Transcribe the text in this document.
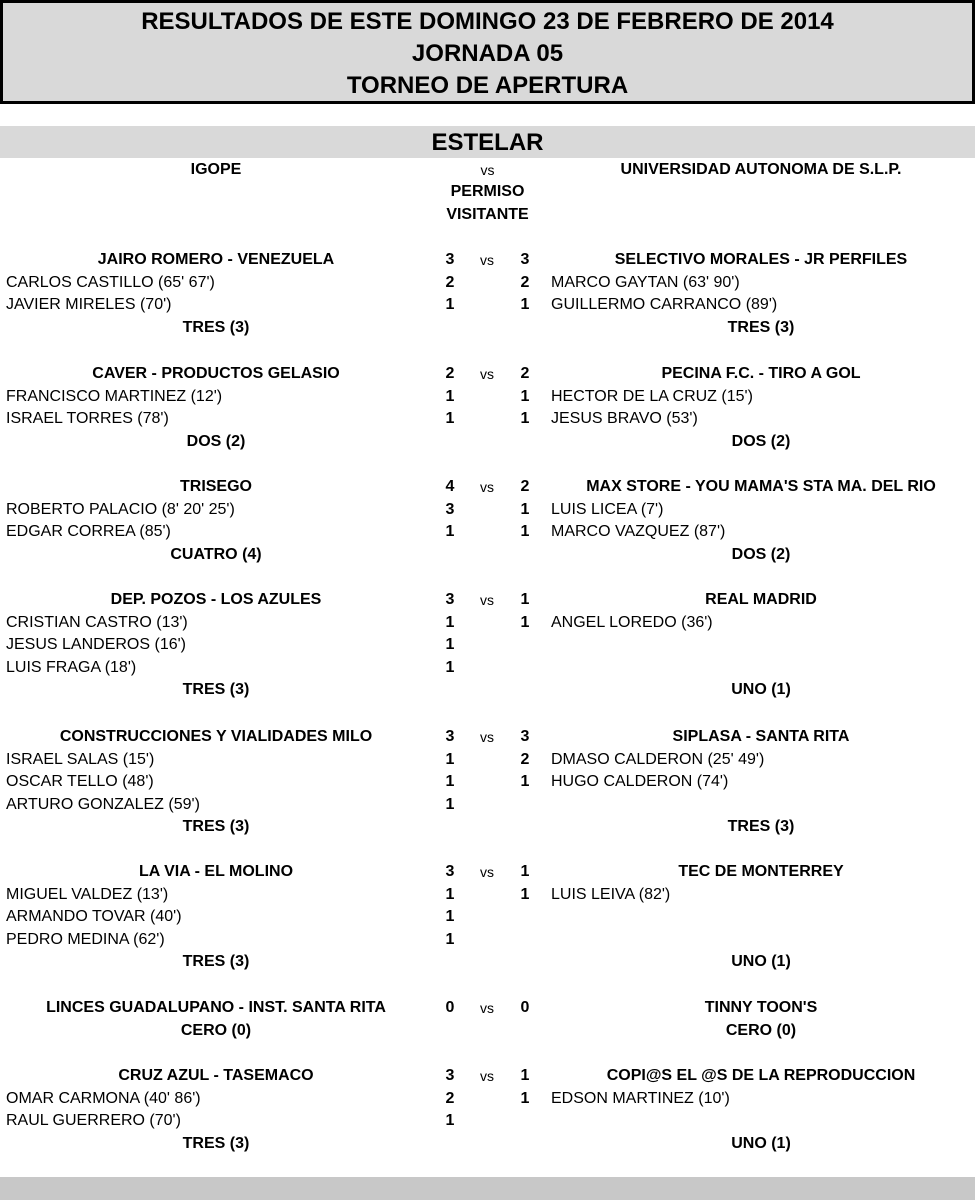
RESULTADOS DE ESTE DOMINGO 23 DE FEBRERO DE 2014
JORNADA 05
TORNEO DE APERTURA
ESTELAR
IGOPE	vs	UNIVERSIDAD AUTONOMA DE S.L.P.
PERMISO
VISITANTE
JAIRO ROMERO - VENEZUELA	3	vs	3	SELECTIVO MORALES - JR PERFILES
CARLOS CASTILLO (65' 67')	2	2	MARCO GAYTAN (63' 90')
JAVIER MIRELES (70')	1	1	GUILLERMO CARRANCO (89')
TRES (3)	TRES (3)
CAVER - PRODUCTOS GELASIO	2	vs	2	PECINA F.C. - TIRO A GOL
FRANCISCO MARTINEZ (12')	1	1	HECTOR DE LA CRUZ (15')
ISRAEL TORRES (78')	1	1	JESUS BRAVO (53')
DOS (2)	DOS (2)
TRISEGO	4	vs	2	MAX STORE - YOU MAMA'S STA MA. DEL RIO
ROBERTO PALACIO (8' 20' 25')	3	1	LUIS LICEA (7')
EDGAR CORREA (85')	1	1	MARCO VAZQUEZ (87')
CUATRO (4)	DOS (2)
DEP. POZOS - LOS AZULES	3	vs	1	REAL MADRID
CRISTIAN CASTRO (13')	1	1	ANGEL LOREDO (36')
JESUS LANDEROS (16')	1
LUIS FRAGA (18')	1
TRES (3)	UNO (1)
CONSTRUCCIONES Y VIALIDADES MILO	3	vs	3	SIPLASA - SANTA RITA
ISRAEL SALAS (15')	1	2	DMASO CALDERON (25' 49')
OSCAR TELLO (48')	1	1	HUGO CALDERON (74')
ARTURO GONZALEZ (59')	1
TRES (3)	TRES (3)
LA VIA - EL MOLINO	3	vs	1	TEC DE MONTERREY
MIGUEL VALDEZ (13')	1	1	LUIS LEIVA (82')
ARMANDO TOVAR (40')	1
PEDRO MEDINA (62')	1
TRES (3)	UNO (1)
LINCES GUADALUPANO - INST. SANTA RITA	0	vs	0	TINNY TOON'S
CERO (0)	CERO (0)
CRUZ AZUL - TASEMACO	3	vs	1	COPI@S EL @S DE LA REPRODUCCION
OMAR CARMONA (40' 86')	2	1	EDSON MARTINEZ (10')
RAUL GUERRERO (70')	1
TRES (3)	UNO (1)
